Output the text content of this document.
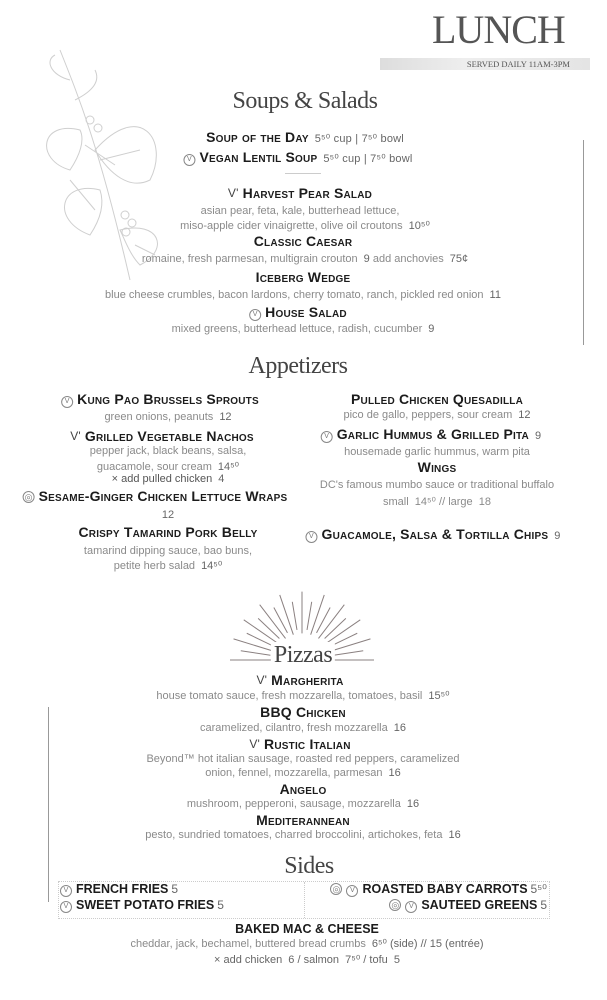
LUNCH
SERVED DAILY 11AM-3PM
Soups & Salads
Soup of the Day 5⁵⁰ cup | 7⁵⁰ bowl
VVegan Lentil Soup 5⁵⁰ cup | 7⁵⁰ bowl
V'Harvest Pear Salad
asian pear, feta, kale, butterhead lettuce,
miso-apple cider vinaigrette, olive oil croutons 10⁵⁰
Classic Caesar
romaine, fresh parmesan, multigrain crouton 9 add anchovies 75¢
Iceberg Wedge
blue cheese crumbles, bacon lardons, cherry tomato, ranch, pickled red onion 11
VHouse Salad
mixed greens, butterhead lettuce, radish, cucumber 9
Appetizers
VKung Pao Brussels Sprouts
green onions, peanuts 12
V'Grilled Vegetable Nachos
pepper jack, black beans, salsa,
guacamole, sour cream 14⁵⁰
× add pulled chicken 4
◎Sesame-Ginger Chicken Lettuce Wraps
12
Crispy Tamarind Pork Belly
tamarind dipping sauce, bao buns,
petite herb salad 14⁵⁰
Pulled Chicken Quesadilla
pico de gallo, peppers, sour cream 12
VGarlic Hummus & Grilled Pita 9
housemade garlic hummus, warm pita
Wings
DC's famous mumbo sauce or traditional buffalo
small  14⁵⁰ // large  18
VGuacamole, Salsa & Tortilla Chips 9
Pizzas
V'Margherita
house tomato sauce, fresh mozzarella, tomatoes, basil 15⁵⁰
BBQ Chicken
caramelized, cilantro, fresh mozzarella 16
V'Rustic Italian
Beyond™ hot italian sausage, roasted red peppers, caramelized
onion, fennel, mozzarella, parmesan 16
Angelo
mushroom, pepperoni, sausage, mozzarella 16
Mediterannean
pesto, sundried tomatoes, charred broccolini, artichokes, feta 16
Sides
VFRENCH FRIES 5
VSWEET POTATO FRIES 5
◎VROASTED BABY CARROTS 5⁵⁰
◎VSAUTEED GREENS 5
BAKED MAC & CHEESE
cheddar, jack, bechamel, buttered bread crumbs 6⁵⁰ (side) // 15 (entrée)
× add chicken  6 / salmon  7⁵⁰ / tofu  5
